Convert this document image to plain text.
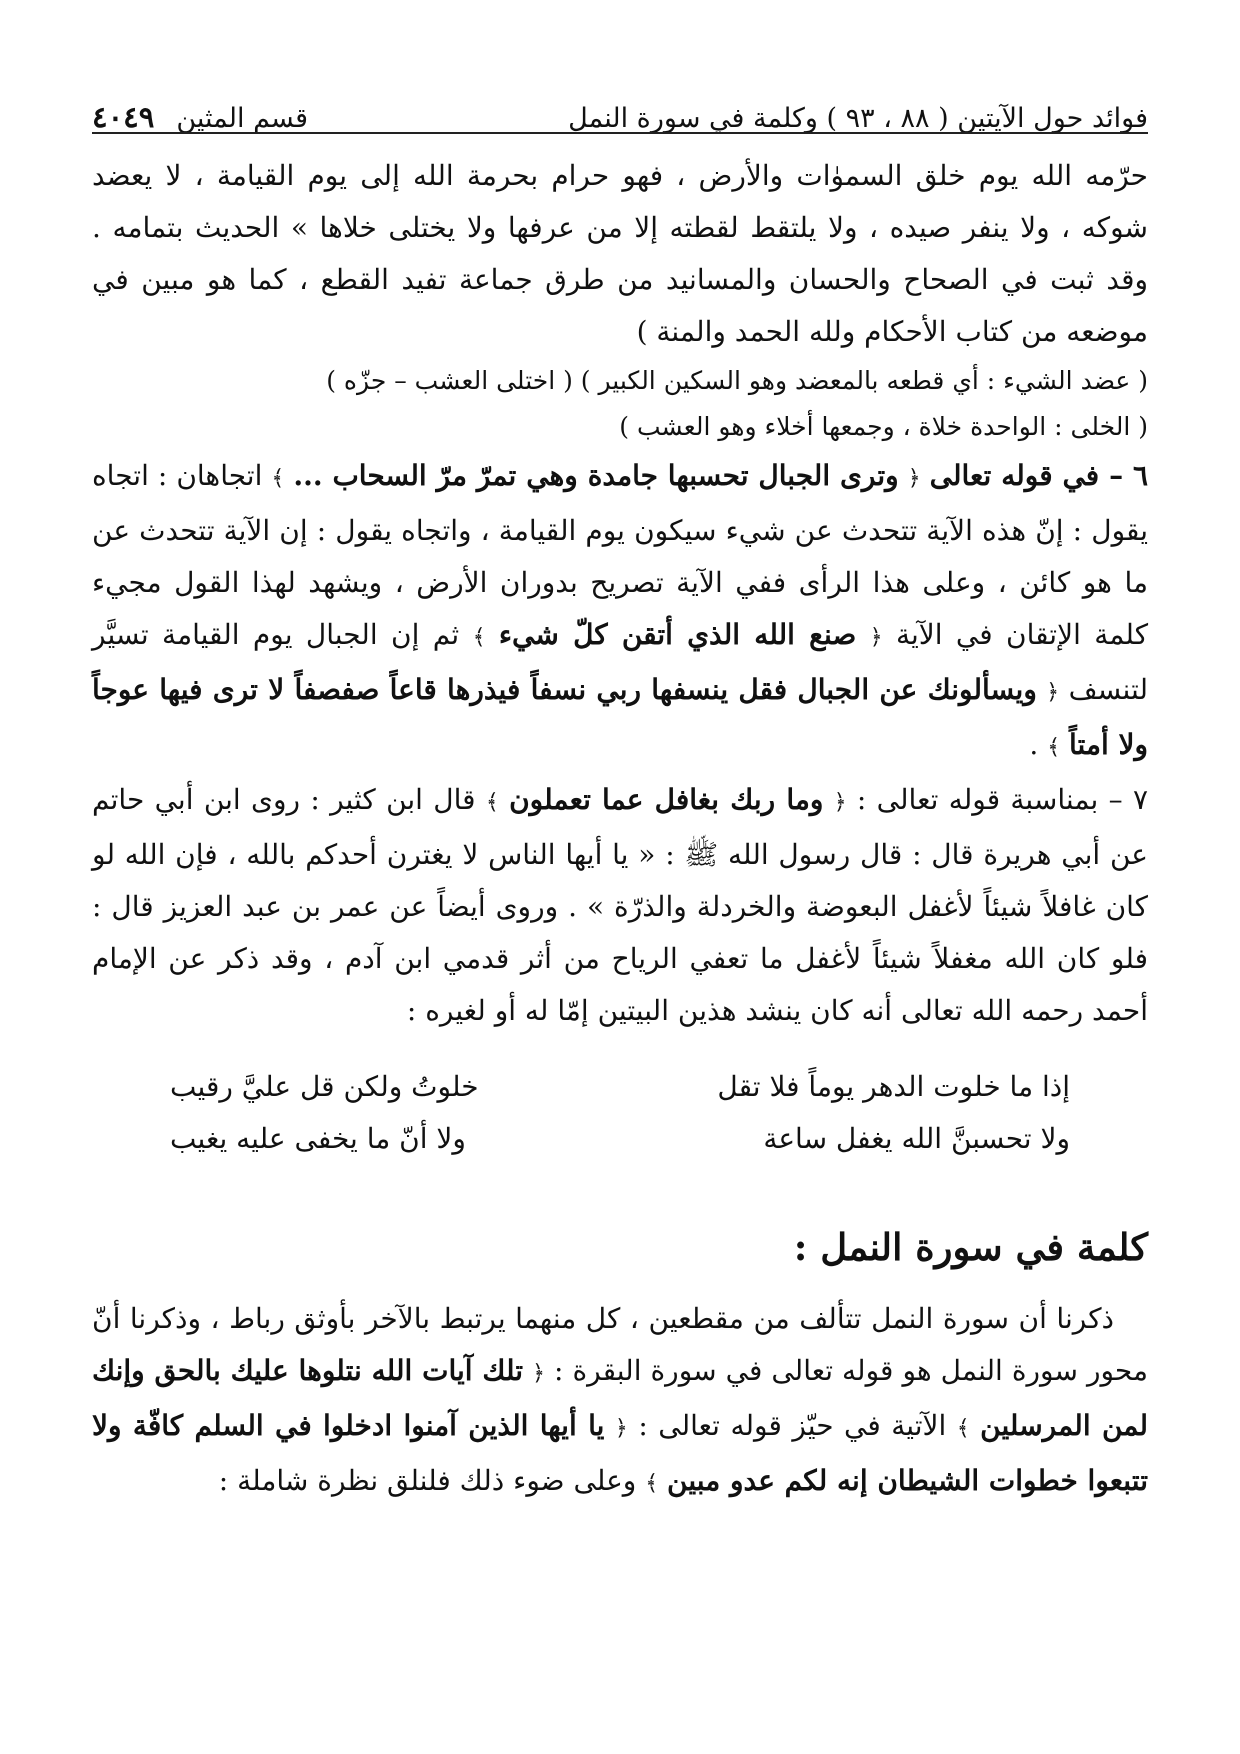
فوائد حول الآيتين ( ٨٨ ، ٩٣ ) وكلمة في سورة النمل
قسم المثين
٤٠٤٩

حرّمه الله يوم خلق السموٰات والأرض ، فهو حرام بحرمة الله إلى يوم القيامة ، لا يعضد شوكه ، ولا ينفر صيده ، ولا يلتقط لقطته إلا من عرفها ولا يختلى خلاها » الحديث بتمامه . وقد ثبت في الصحاح والحسان والمسانيد من طرق جماعة تفيد القطع ، كما هو مبين في موضعه من كتاب الأحكام ولله الحمد والمنة )

( عضد الشيء : أي قطعه بالمعضد وهو السكين الكبير ) ( اختلى العشب – جزّه )

( الخلى : الواحدة خلاة ، وجمعها أخلاء وهو العشب )

٦ – في قوله تعالى ﴿ وترى الجبال تحسبها جامدة وهي تمرّ مرّ السحاب ... ﴾ اتجاهان : اتجاه يقول : إنّ هذه الآية تتحدث عن شيء سيكون يوم القيامة ، واتجاه يقول : إن الآية تتحدث عن ما هو كائن ، وعلى هذا الرأى ففي الآية تصريح بدوران الأرض ، ويشهد لهذا القول مجيء كلمة الإتقان في الآية ﴿ صنع الله الذي أتقن كلّ شيء ﴾ ثم إن الجبال يوم القيامة تسيَّر لتنسف ﴿ ويسألونك عن الجبال فقل ينسفها ربي نسفاً فيذرها قاعاً صفصفاً لا ترى فيها عوجاً ولا أمتاً ﴾ .

٧ – بمناسبة قوله تعالى : ﴿ وما ربك بغافل عما تعملون ﴾ قال ابن كثير : روى ابن أبي حاتم عن أبي هريرة قال : قال رسول الله ﷺ : « يا أيها الناس لا يغترن أحدكم بالله ، فإن الله لو كان غافلاً شيئاً لأغفل البعوضة والخردلة والذرّة » . وروى أيضاً عن عمر بن عبد العزيز قال : فلو كان الله مغفلاً شيئاً لأغفل ما تعفي الرياح من أثر قدمي ابن آدم ، وقد ذكر عن الإمام أحمد رحمه الله تعالى أنه كان ينشد هذين البيتين إمّا له أو لغيره :

إذا ما خلوت الدهر يوماً فلا تقل
خلوتُ ولكن قل عليَّ رقيب
ولا تحسبنَّ الله يغفل ساعة
ولا أنّ ما يخفى عليه يغيب
كلمة في سورة النمل :

ذكرنا أن سورة النمل تتألف من مقطعين ، كل منهما يرتبط بالآخر بأوثق رباط ، وذكرنا أنّ محور سورة النمل هو قوله تعالى في سورة البقرة : ﴿ تلك آيات الله نتلوها عليك بالحق وإنك لمن المرسلين ﴾ الآتية في حيّز قوله تعالى : ﴿ يا أيها الذين آمنوا ادخلوا في السلم كافّة ولا تتبعوا خطوات الشيطان إنه لكم عدو مبين ﴾ وعلى ضوء ذلك فلنلق نظرة شاملة :
